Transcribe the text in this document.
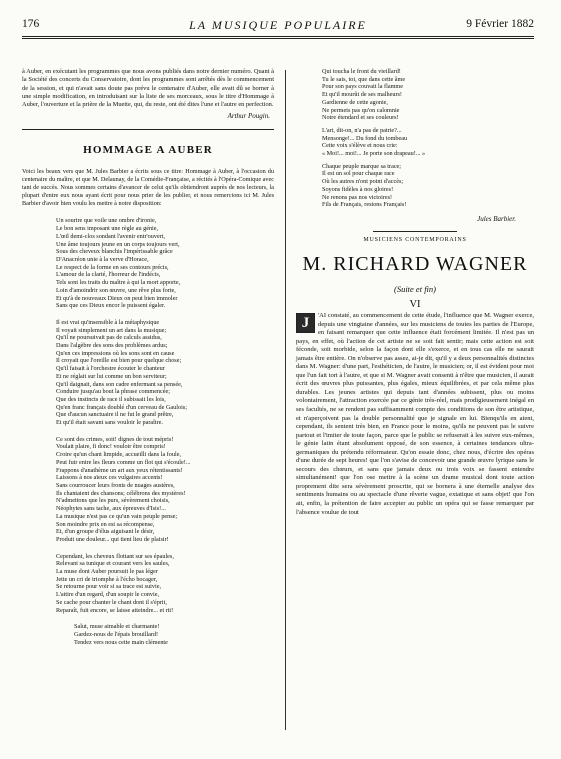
176	LA MUSIQUE POPULAIRE	9 Février 1882

à Auber, en exécutant les programmes que nous avons publiés dans notre dernier numéro. Quant à la Société des concerts du Conservatoire, dont les programmes sont arrêtés dès le commencement de la session, et qui n'avait sans doute pas prévu le centenaire d'Auber, elle avait dû se borner à une simple modification, en introduisant sur la liste de ses morceaux, sous le titre d'Hommage à Auber, l'ouverture et la prière de la Muette, qui, du reste, ont été dites l'une et l'autre en perfection.

Arthur Pougin.
HOMMAGE A AUBER

Voici les beaux vers que M. Jules Barbier a écrits sous ce titre: Hommage à Auber, à l'occasion du centenaire du maître, et que M. Delaunay, de la Comédie-Française, a récités à l'Opéra-Comique avec tant de succès. Nous sommes certains d'avancer de celui qu'ils obtiendront auprès de nos lecteurs, la plupart d'entre eux nous ayant écrit pour nous prier de les publier, et nous remercions ici M. Jules Barbier d'avoir bien voulu les mettre à notre disposition:

Un sourire que voile une ombre d'ironie,
Le bon sens imposant une règle au génie,
L'œil demi-clos sondant l'avenir entr'ouvert,
Une âme toujours jeune en un corps toujours vert,
Sous des cheveux blanchis l'impérissable grâce
D'Anacréon unie à la verve d'Horace,
Le respect de la forme en ses contours précis,
L'amour de la clarté, l'horreur de l'indécis,
Tels sont les traits du maître à qui la mort apporte,
Loin d'amoindrir son œuvre, une rêve plus forte,
Et qu'à de nouveaux Dieux on peut bien immoler
Sans que ces Dieux encor le puissent égaler.
Il est vrai qu'insensible à la métaphysique
Il voyait simplement un art dans la musique;
Qu'il ne poursuivait pas de calculs assidus,
Dans l'algèbre des sons des problèmes ardus;
Qu'en ces impressions où les sons sont en cause
Il croyait que l'oreille est bien pour quelque chose;
Qu'il faisait à l'orchestre écouter le chanteur
Et ne réglait sur lui comme un bon serviteur;
Qu'il daignait, dans son cadre enfermant sa pensée,
Conduire jusqu'au bout la phrase commencée;
Que des instincts de race il subissait les lois,
Qu'en franc français doublé d'un cerveau de Gaulois;
Que d'aucun sanctuaire il ne fut le grand prêtre,
Et qu'il était savant sans vouloir le paraître.
Ce sont des crimes, soit! dignes de tout mépris!
Voulait plaire, fi donc! vouloir être compris!
Croire qu'un chant limpide, accueilli dans la foule,
Peut fuir entre les fleurs comme un flot qui s'écoule!...
Frappons d'anathème un art aux yeux rétentissants!
Laissons à nos aïeux ces vulgaires accents!
Sans courroucer leurs fronts de nuages austères,
Ils chantaient des chansons; célébrons des mystères!
N'admettons que les purs, sévèrement choisis,
Néophytes sans tache, aux épreuves d'Isis!...
La musique n'est pas ce qu'un vain peuple pense;
Son moindre prix en est sa récompense,
Et, d'un groupe d'élus aiguisant le désir,
Produit une douleur... qui tient lieu de plaisir!
Cependant, les cheveux flottant sur ses épaules,
Relevant sa tunique et courant vers les saules,
La muse dont Auber poursuit le pas léger
Jette un cri de triomphe à l'écho bocager,
Se retourne pour voir si sa trace est suivie,
L'attire d'un regard, d'un soupir le convie,
Se cache pour chanter le chant dont il s'éprit,
Reparaît, fuit encore, se laisse atteindre... et rit!
Salut, muse aimable et charmante!
Gardez-nous de l'épais brouillard!
Tendez vers nous cette main clémente
Qui toucha le front du vieillard!
Tu le sais, toi, que dans cette âme
Pour son pays couvait la flamme
Et qu'il mourût de ses malheurs!
Gardienne de cette agonie,
Ne permets pas qu'on calomnie
Notre étendard et ses couleurs!
L'art, dit-on, n'a pas de patrie?...
Mensonge!... Du fond du tombeau
Cette voix s'élève et nous crie:
« Moi!... moi!... Je porte son drapeau!... »
Chaque peuple marque sa trace;
Il est un sol pour chaque race
Où les autres n'ont point d'accès;
Soyons fidèles à nos gloires!
Ne renons pas nos victoires!
Fils de Français, restons Français!
Jules Barbier.
MUSICIENS CONTEMPORAINS
M. RICHARD WAGNER
(Suite et fin)
VI

J	'AI constaté, au commencement de cette étude, l'influence que M. Wagner exerce, depuis une vingtaine d'années, sur les musiciens de toutes les parties de l'Europe, en faisant remarquer que cette influence était forcément limitée. Il n'est pas un pays, en effet, où l'action de cet artiste ne se soit fait sentir; mais cette action est soit féconde, soit morbide, selon la façon dont elle s'exerce, et en tous cas elle ne saurait jamais être entière. On n'observe pas assez, ai-je dit, qu'il y a deux personnalités distinctes dans M. Wagner: d'une part, l'esthéticien, de l'autre, le musicien; or, il est évident pour moi que l'un fait tort à l'autre, et que si M. Wagner avait consenti à n'être que musicien, il aurait écrit des œuvres plus puissantes, plus égales, mieux équilibrées, et par cela même plus durables. Les jeunes artistes qui depuis tant d'années subissent, plus ou moins volontairement, l'attraction exercée par ce génie très-réel, mais prodigieusement inégal en ses facultés, ne se rendent pas suffisamment compte des conditions de son être artistique, et n'aperçoivent pas la double personnalité que je signale en lui. Bienqu'ils en aient, cependant, ils sentent très bien, en France pour le moins, qu'ils ne peuvent pas le suivre partout et l'imiter de toute façon, parce que le public se refuserait à les suivre eux-mêmes, le génie latin étant absolument opposé, de son essence, à certaines tendances ultra-germaniques du prétendu réformateur. Qu'on essaie donc, chez nous, d'écrire des opéras d'une durée de sept heures! que l'on s'avise de concevoir une grande œuvre lyrique sans le secours des chœurs, et sans que jamais deux ou trois voix se fassent entendre simultanément! que l'on ose mettre à la scène un drame musical dont toute action proprement dite sera sévèrement proscrite, qui se bornera à une éternelle analyse des sentiments humains ou au spectacle d'une rêverie vague, extatique et sans objet! que l'on ait, enfin, la prétention de faire accepter au public un opéra qui se fasse remarquer par l'absence voulue de tout
